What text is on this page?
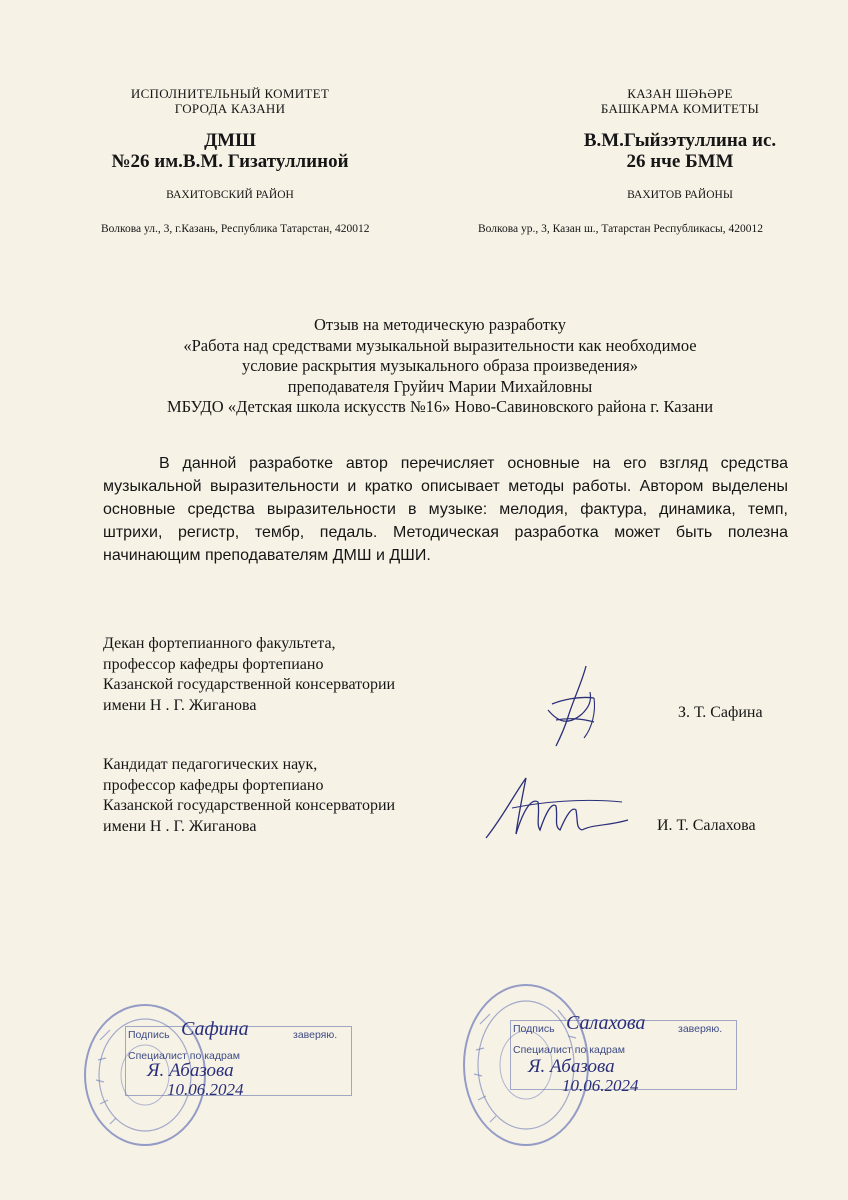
ИСПОЛНИТЕЛЬНЫЙ КОМИТЕТ
ГОРОДА КАЗАНИ
ДМШ
№26 им.В.М. Гизатуллиной
ВАХИТОВСКИЙ РАЙОН
Волкова ул., 3, г.Казань, Республика Татарстан, 420012
КАЗАН ШӘҺӘРЕ
БАШКАРМА КОМИТЕТЫ
В.М.Гыйзэтуллина ис.
26 нче БММ
ВАХИТОВ РАЙОНЫ
Волкова ур., 3, Казан ш., Татарстан Республикасы, 420012
Отзыв на методическую разработку
«Работа над средствами музыкальной выразительности как необходимое
условие раскрытия музыкального образа произведения»
преподавателя Груйич Марии Михайловны
МБУДО «Детская школа искусств №16» Ново-Савиновского района г. Казани
В данной разработке автор перечисляет основные на его взгляд средства музыкальной выразительности и кратко описывает методы работы. Автором выделены основные средства выразительности в музыке: мелодия, фактура, динамика, темп, штрихи, регистр, тембр, педаль. Методическая разработка может быть полезна начинающим преподавателям ДМШ и ДШИ.
Декан фортепианного факультета,
профессор кафедры фортепиано
Казанской государственной консерватории
имени Н . Г. Жиганова	З. Т. Сафина
Кандидат педагогических наук,
профессор кафедры фортепиано
Казанской государственной консерватории
имени Н . Г. Жиганова	И. Т. Салахова
Подпись	заверяю.
Специалист по кадрам
Сафина
Я. Абазова
10.06.2024
Подпись	заверяю.
Специалист по кадрам
Салахова
Я. Абазова
10.06.2024
